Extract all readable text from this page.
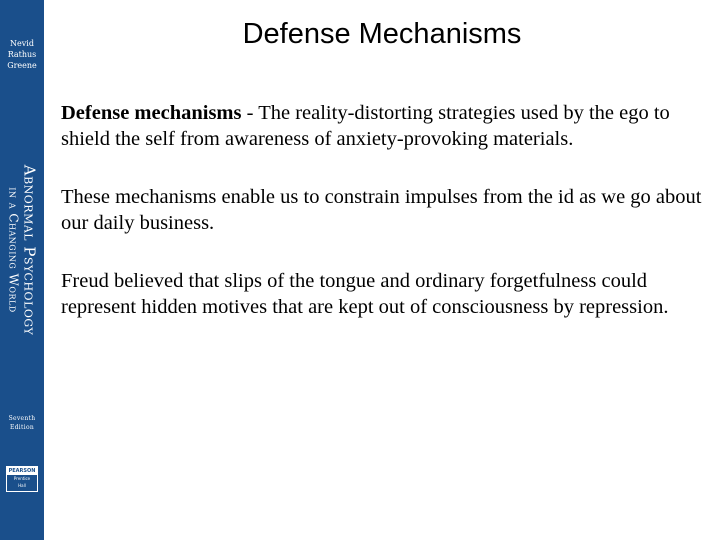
Nevid
Rathus
Greene
Abnormal Psychology
in a Changing World
Seventh
Edition
PEARSON
Prentice
Hall
Defense Mechanisms

Defense mechanisms - The reality-distorting strategies used by the ego to shield the self from awareness of anxiety-provoking materials.

These mechanisms enable us to constrain impulses from the id as we go about our daily business.

Freud believed that slips of the tongue and ordinary forgetfulness could represent hidden motives that are kept out of consciousness by repression.
